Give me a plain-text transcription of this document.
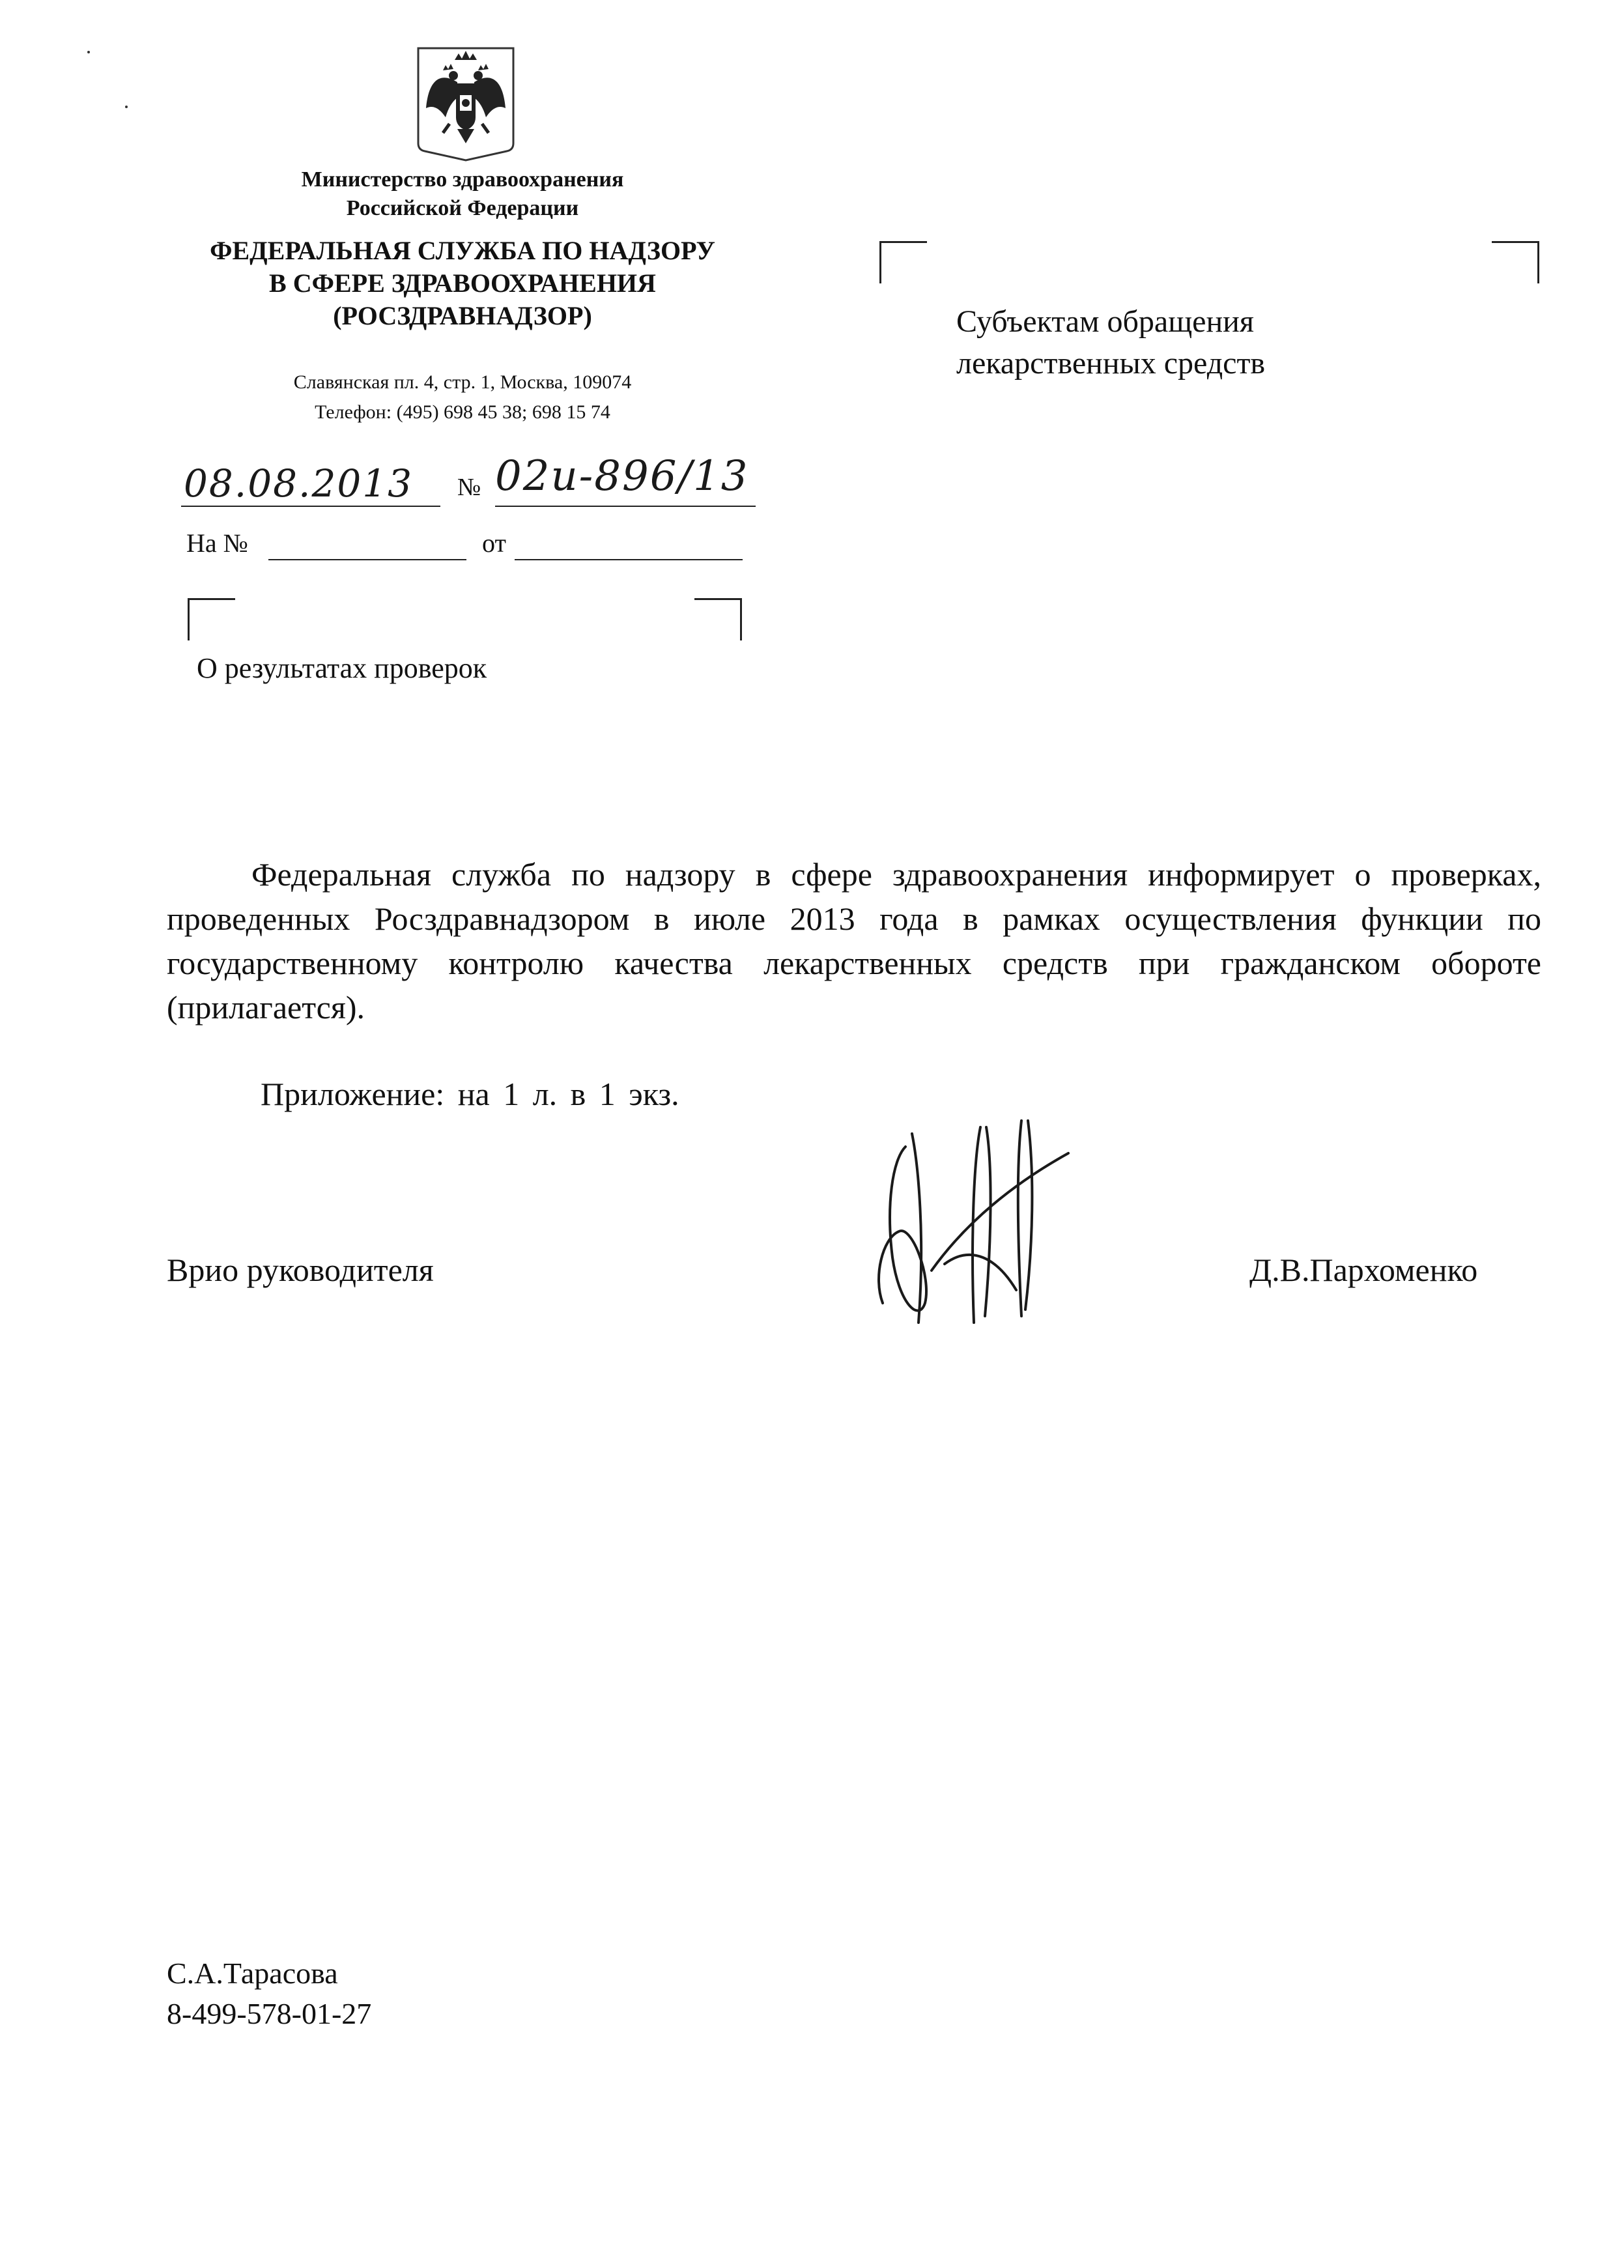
Министерство здравоохранения
Российской Федерации
ФЕДЕРАЛЬНАЯ СЛУЖБА ПО НАДЗОРУ
В СФЕРЕ ЗДРАВООХРАНЕНИЯ
(РОСЗДРАВНАДЗОР)
Славянская пл. 4, стр. 1, Москва, 109074
Телефон: (495) 698 45 38; 698 15 74
08.08.2013 № 02и-896/13
На №	от
О результатах проверок
Субъектам обращения
лекарственных средств

Федеральная служба по надзору в сфере здравоохранения информирует о проверках, проведенных Росздравнадзором в июле 2013 года в рамках осуществления функции по государственному контролю качества лекарственных средств при гражданском обороте (прилагается).

Приложение: на 1 л. в 1 экз.
Врио руководителя	Д.В.Пархоменко
С.А.Тарасова
8-499-578-01-27
